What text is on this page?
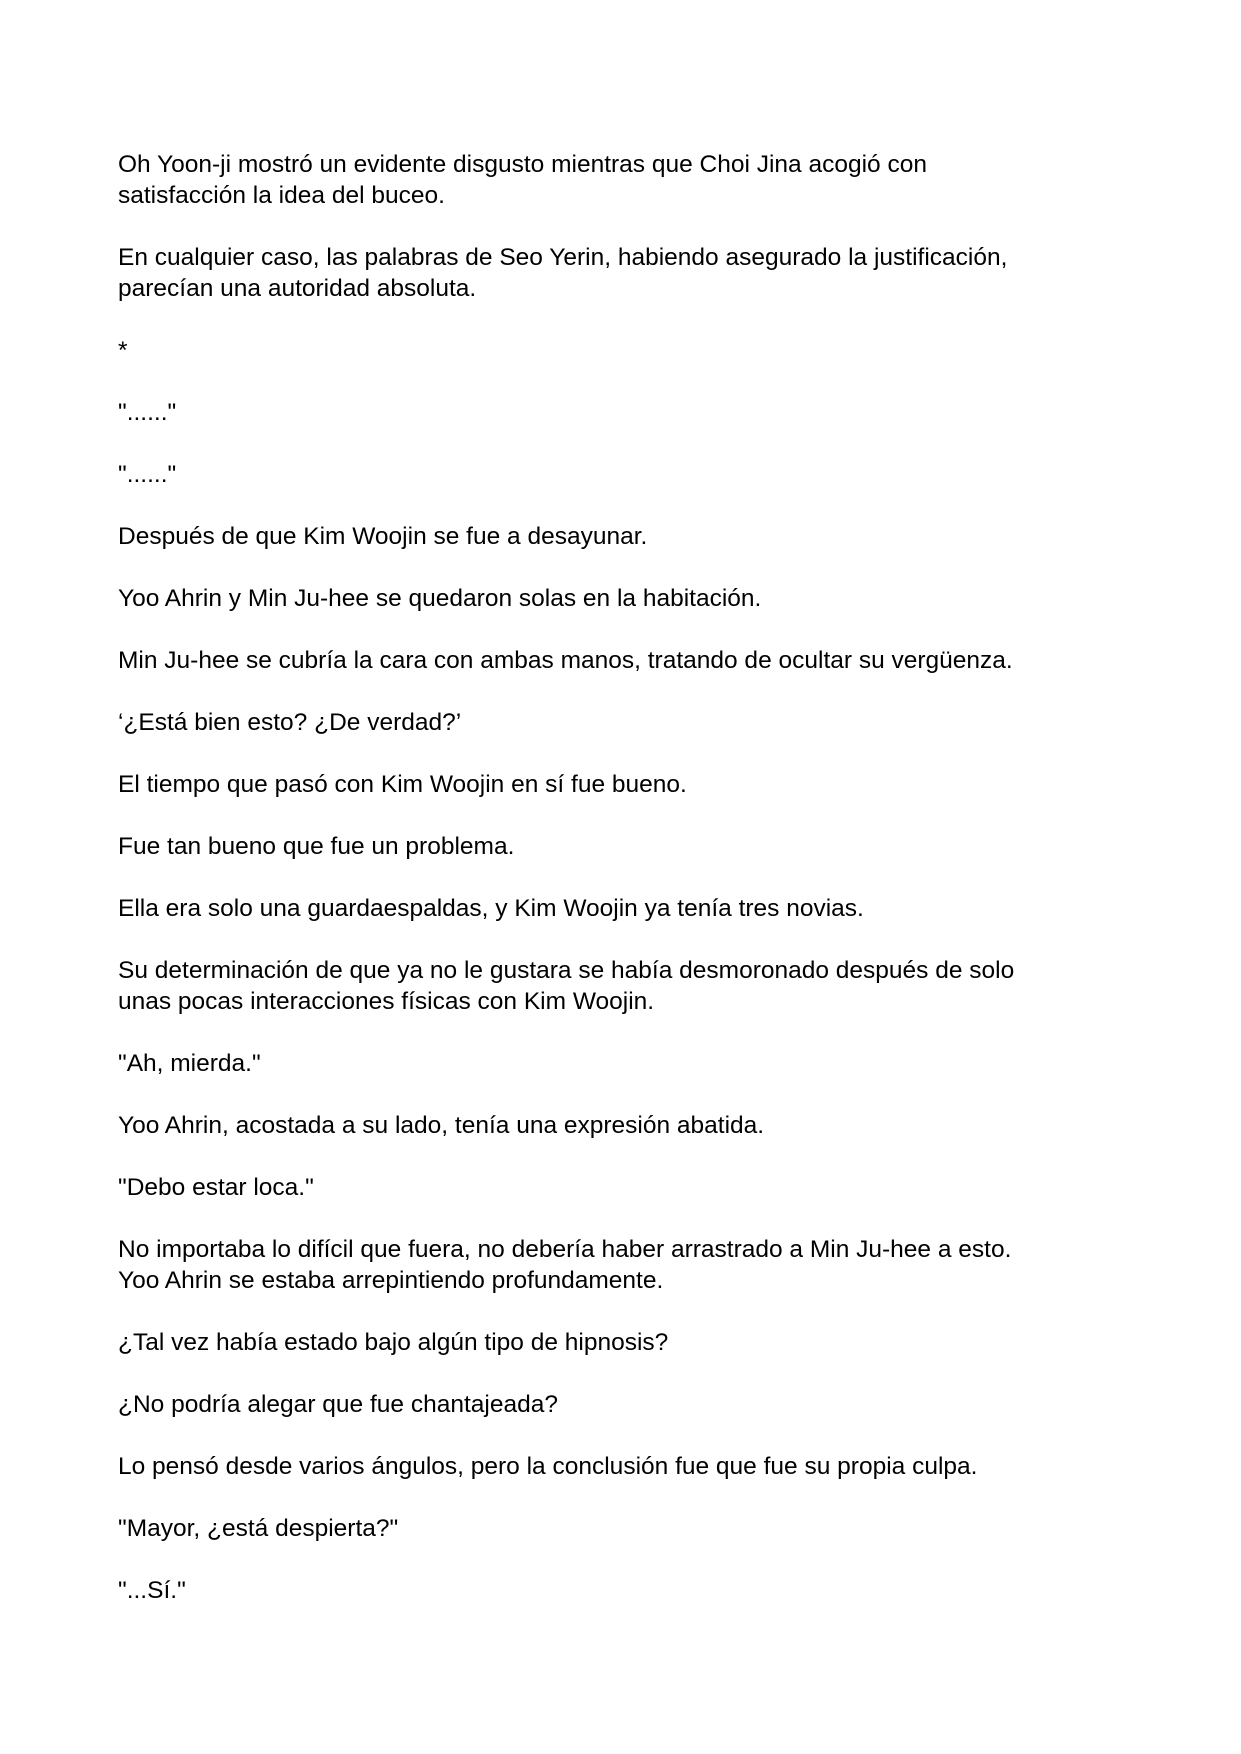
Oh Yoon-ji mostró un evidente disgusto mientras que Choi Jina acogió con
satisfacción la idea del buceo.

En cualquier caso, las palabras de Seo Yerin, habiendo asegurado la justificación,
parecían una autoridad absoluta.

*

"......"

"......"

Después de que Kim Woojin se fue a desayunar.

Yoo Ahrin y Min Ju-hee se quedaron solas en la habitación.

Min Ju-hee se cubría la cara con ambas manos, tratando de ocultar su vergüenza.

‘¿Está bien esto? ¿De verdad?’

El tiempo que pasó con Kim Woojin en sí fue bueno.

Fue tan bueno que fue un problema.

Ella era solo una guardaespaldas, y Kim Woojin ya tenía tres novias.

Su determinación de que ya no le gustara se había desmoronado después de solo
unas pocas interacciones físicas con Kim Woojin.

"Ah, mierda."

Yoo Ahrin, acostada a su lado, tenía una expresión abatida.

"Debo estar loca."

No importaba lo difícil que fuera, no debería haber arrastrado a Min Ju-hee a esto.
Yoo Ahrin se estaba arrepintiendo profundamente.

¿Tal vez había estado bajo algún tipo de hipnosis?

¿No podría alegar que fue chantajeada?

Lo pensó desde varios ángulos, pero la conclusión fue que fue su propia culpa.

"Mayor, ¿está despierta?"

"...Sí."
